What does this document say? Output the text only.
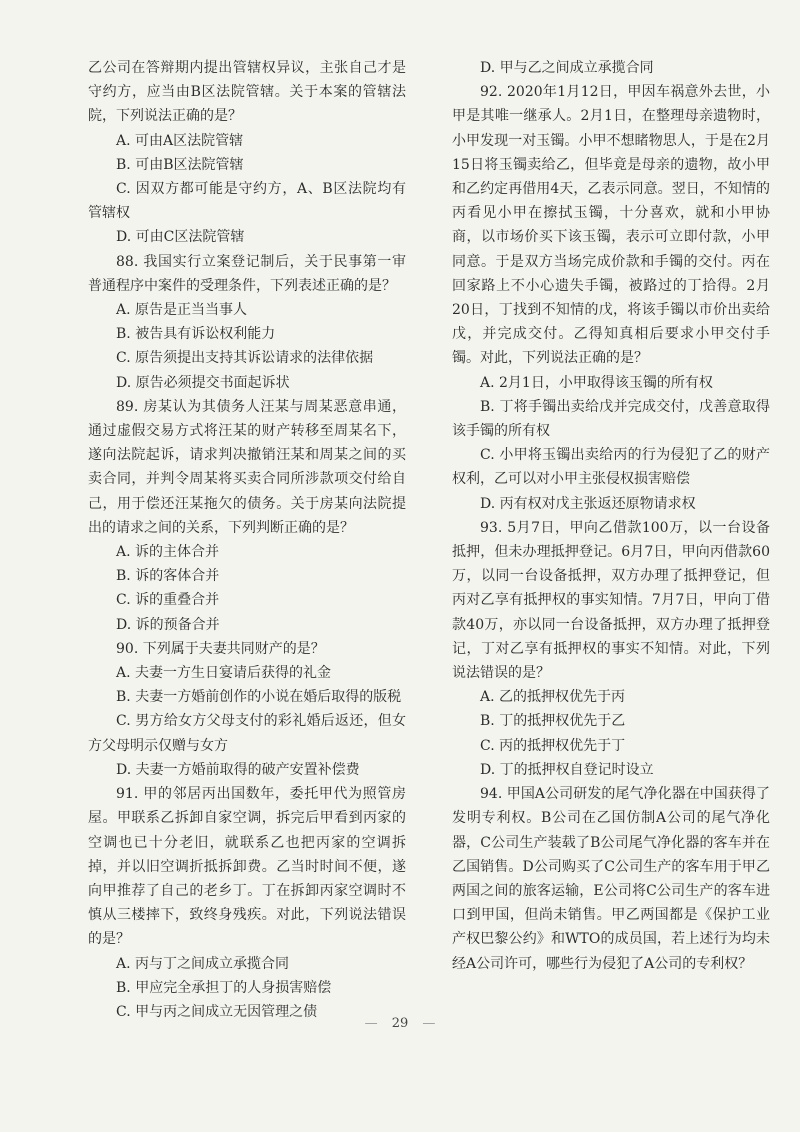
乙公司在答辩期内提出管辖权异议，主张自己才是守约方，应当由B区法院管辖。关于本案的管辖法院，下列说法正确的是？

A. 可由A区法院管辖

B. 可由B区法院管辖

C. 因双方都可能是守约方，A、B区法院均有管辖权

D. 可由C区法院管辖

88. 我国实行立案登记制后，关于民事第一审普通程序中案件的受理条件，下列表述正确的是？

A. 原告是正当当事人

B. 被告具有诉讼权利能力

C. 原告须提出支持其诉讼请求的法律依据

D. 原告必须提交书面起诉状

89. 房某认为其债务人汪某与周某恶意串通，通过虚假交易方式将汪某的财产转移至周某名下，遂向法院起诉，请求判决撤销汪某和周某之间的买卖合同，并判令周某将买卖合同所涉款项交付给自己，用于偿还汪某拖欠的债务。关于房某向法院提出的请求之间的关系，下列判断正确的是？

A. 诉的主体合并

B. 诉的客体合并

C. 诉的重叠合并

D. 诉的预备合并

90. 下列属于夫妻共同财产的是？

A. 夫妻一方生日宴请后获得的礼金

B. 夫妻一方婚前创作的小说在婚后取得的版税

C. 男方给女方父母支付的彩礼婚后返还，但女方父母明示仅赠与女方

D. 夫妻一方婚前取得的破产安置补偿费

91. 甲的邻居丙出国数年，委托甲代为照管房屋。甲联系乙拆卸自家空调，拆完后甲看到丙家的空调也已十分老旧，就联系乙也把丙家的空调拆掉，并以旧空调折抵拆卸费。乙当时时间不便，遂向甲推荐了自己的老乡丁。丁在拆卸丙家空调时不慎从三楼摔下，致终身残疾。对此，下列说法错误的是？

A. 丙与丁之间成立承揽合同

B. 甲应完全承担丁的人身损害赔偿

C. 甲与丙之间成立无因管理之债

D. 甲与乙之间成立承揽合同

92. 2020年1月12日，甲因车祸意外去世，小甲是其唯一继承人。2月1日，在整理母亲遗物时，小甲发现一对玉镯。小甲不想睹物思人，于是在2月15日将玉镯卖给乙，但毕竟是母亲的遗物，故小甲和乙约定再借用4天，乙表示同意。翌日，不知情的丙看见小甲在擦拭玉镯，十分喜欢，就和小甲协商，以市场价买下该玉镯，表示可立即付款，小甲同意。于是双方当场完成价款和手镯的交付。丙在回家路上不小心遗失手镯，被路过的丁拾得。2月20日，丁找到不知情的戊，将该手镯以市价出卖给戊，并完成交付。乙得知真相后要求小甲交付手镯。对此，下列说法正确的是？

A. 2月1日，小甲取得该玉镯的所有权

B. 丁将手镯出卖给戊并完成交付，戊善意取得该手镯的所有权

C. 小甲将玉镯出卖给丙的行为侵犯了乙的财产权利，乙可以对小甲主张侵权损害赔偿

D. 丙有权对戊主张返还原物请求权

93. 5月7日，甲向乙借款100万，以一台设备抵押，但未办理抵押登记。6月7日，甲向丙借款60万，以同一台设备抵押，双方办理了抵押登记，但丙对乙享有抵押权的事实知情。7月7日，甲向丁借款40万，亦以同一台设备抵押，双方办理了抵押登记，丁对乙享有抵押权的事实不知情。对此，下列说法错误的是？

A. 乙的抵押权优先于丙

B. 丁的抵押权优先于乙

C. 丙的抵押权优先于丁

D. 丁的抵押权自登记时设立

94. 甲国A公司研发的尾气净化器在中国获得了发明专利权。B公司在乙国仿制A公司的尾气净化器，C公司生产装载了B公司尾气净化器的客车并在乙国销售。D公司购买了C公司生产的客车用于甲乙两国之间的旅客运输，E公司将C公司生产的客车进口到甲国，但尚未销售。甲乙两国都是《保护工业产权巴黎公约》和WTO的成员国，若上述行为均未经A公司许可，哪些行为侵犯了A公司的专利权？

— 29 —
